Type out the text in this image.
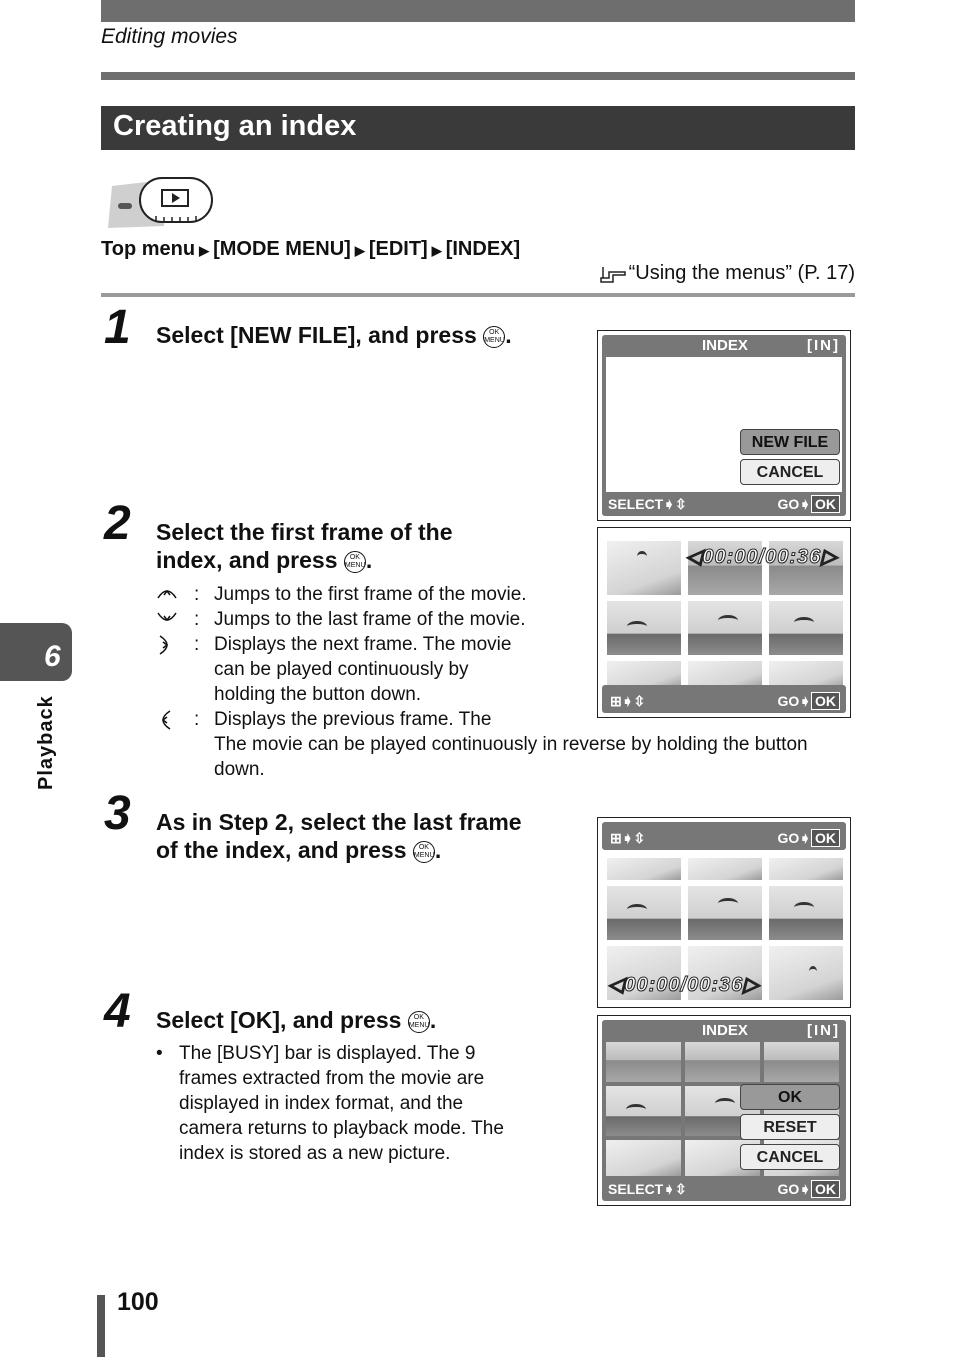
Editing movies
Creating an index
Top menu ▶ [MODE MENU] ▶ [EDIT] ▶ [INDEX]
“Using the menus” (P. 17)
1 Select [NEW FILE], and press OK
MENU.	INDEX	[IN]
NEW FILE
CANCEL
SELECT➧⇳	GO➧ OK
2 Select the first frame of the
index, and press OK
MENU.
: Jumps to the first frame of the movie.
: Jumps to the last frame of the movie.
: Displays the next frame. The movie
can be played continuously by
holding the button down.
: Displays the previous frame. The
The movie can be played continuously in reverse by holding the button
down.
◁00:00/00:36▷
⊞➧⇳	GO➧ OK
3 As in Step 2, select the last frame
of the index, and press OK
MENU.	⊞➧⇳	GO➧ OK
◁00:00/00:36▷
4 Select [OK], and press OK
MENU.
• The [BUSY] bar is displayed. The 9
frames extracted from the movie are
displayed in index format, and the
camera returns to playback mode. The
index is stored as a new picture.
INDEX	[IN]
OK
RESET
CANCEL
SELECT➧⇳	GO➧ OK
6
Playback
100
